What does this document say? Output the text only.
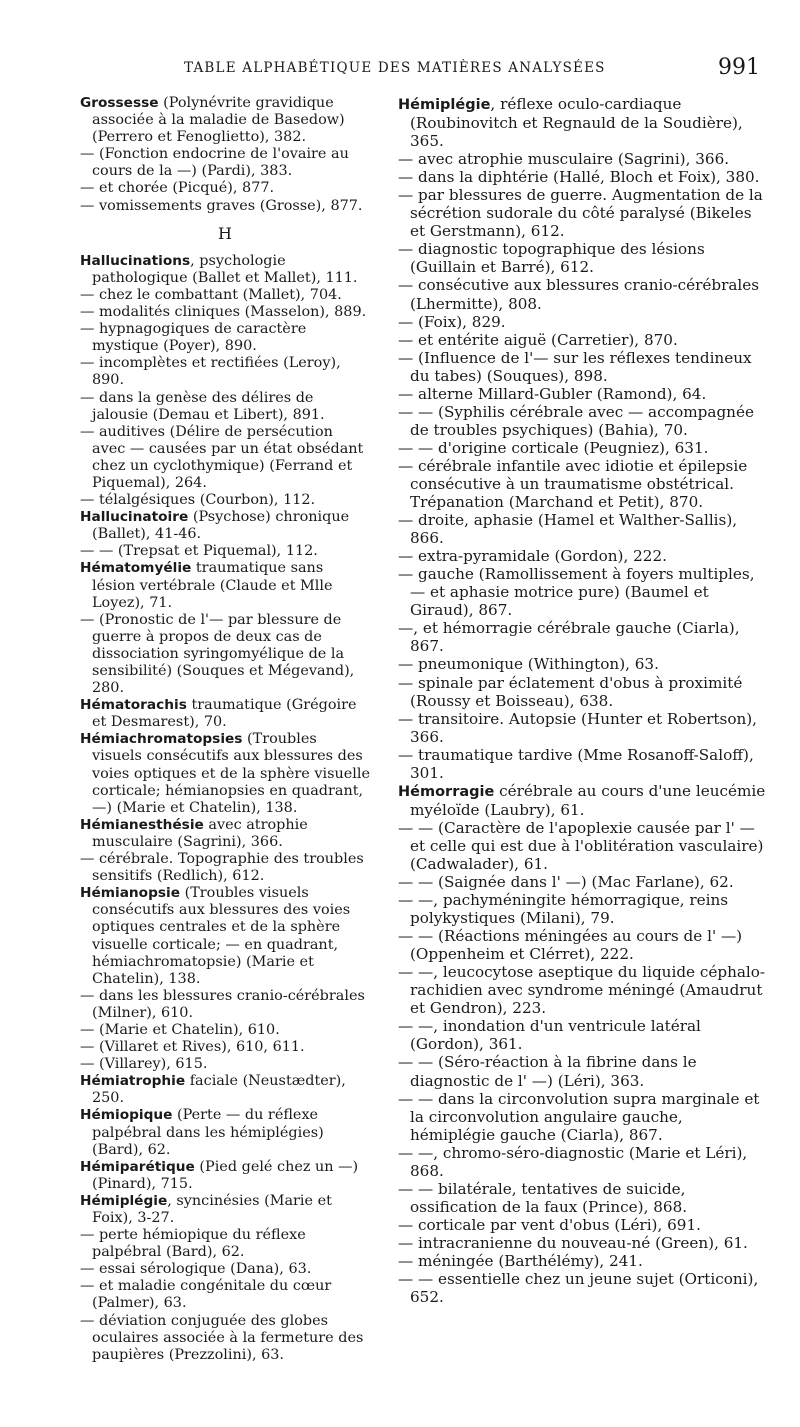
TABLE ALPHABÉTIQUE DES MATIÈRES ANALYSÉES	991

Grossesse (Polynévrite gravidique associée à la maladie de Basedow) (Perrero et Fenoglietto), 382.

— (Fonction endocrine de l'ovaire au cours de la —) (Pardi), 383.

— et chorée (Picqué), 877.

— vomissements graves (Grosse), 877.

H

Hallucinations, psychologie pathologique (Ballet et Mallet), 111.

— chez le combattant (Mallet), 704.

— modalités cliniques (Masselon), 889.

— hypnagogiques de caractère mystique (Poyer), 890.

— incomplètes et rectifiées (Leroy), 890.

— dans la genèse des délires de jalousie (Demau et Libert), 891.

— auditives (Délire de persécution avec — causées par un état obsédant chez un cyclothymique) (Ferrand et Piquemal), 264.

— télalgésiques (Courbon), 112.

Hallucinatoire (Psychose) chronique (Ballet), 41-46.

— — (Trepsat et Piquemal), 112.

Hématomyélie traumatique sans lésion vertébrale (Claude et Mlle Loyez), 71.

— (Pronostic de l'— par blessure de guerre à propos de deux cas de dissociation syringomyélique de la sensibilité) (Souques et Mégevand), 280.

Hématorachis traumatique (Grégoire et Desmarest), 70.

Hémiachromatopsies (Troubles visuels consécutifs aux blessures des voies optiques et de la sphère visuelle corticale; hémianopsies en quadrant, —) (Marie et Chatelin), 138.

Hémianesthésie avec atrophie musculaire (Sagrini), 366.

— cérébrale. Topographie des troubles sensitifs (Redlich), 612.

Hémianopsie (Troubles visuels consécutifs aux blessures des voies optiques centrales et de la sphère visuelle corticale; — en quadrant, hémiachromatopsie) (Marie et Chatelin), 138.

— dans les blessures cranio-cérébrales (Milner), 610.

— (Marie et Chatelin), 610.

— (Villaret et Rives), 610, 611.

— (Villarey), 615.

Hémiatrophie faciale (Neustædter), 250.

Hémiopique (Perte — du réflexe palpébral dans les hémiplégies) (Bard), 62.

Hémiparétique (Pied gelé chez un —) (Pinard), 715.

Hémiplégie, syncinésies (Marie et Foix), 3-27.

— perte hémiopique du réflexe palpébral (Bard), 62.

— essai sérologique (Dana), 63.

— et maladie congénitale du cœur (Palmer), 63.

— déviation conjuguée des globes oculaires associée à la fermeture des paupières (Prezzolini), 63.

Hémiplégie, réflexe oculo-cardiaque (Roubinovitch et Regnauld de la Soudière), 365.

— avec atrophie musculaire (Sagrini), 366.

— dans la diphtérie (Hallé, Bloch et Foix), 380.

— par blessures de guerre. Augmentation de la sécrétion sudorale du côté paralysé (Bikeles et Gerstmann), 612.

— diagnostic topographique des lésions (Guillain et Barré), 612.

— consécutive aux blessures cranio-cérébrales (Lhermitte), 808.

— (Foix), 829.

— et entérite aiguë (Carretier), 870.

— (Influence de l'— sur les réflexes tendineux du tabes) (Souques), 898.

— alterne Millard-Gubler (Ramond), 64.

— — (Syphilis cérébrale avec — accompagnée de troubles psychiques) (Bahia), 70.

— — d'origine corticale (Peugniez), 631.

— cérébrale infantile avec idiotie et épilepsie consécutive à un traumatisme obstétrical. Trépanation (Marchand et Petit), 870.

— droite, aphasie (Hamel et Walther-Sallis), 866.

— extra-pyramidale (Gordon), 222.

— gauche (Ramollissement à foyers multiples, — et aphasie motrice pure) (Baumel et Giraud), 867.

—, et hémorragie cérébrale gauche (Ciarla), 867.

— pneumonique (Withington), 63.

— spinale par éclatement d'obus à proximité (Roussy et Boisseau), 638.

— transitoire. Autopsie (Hunter et Robertson), 366.

— traumatique tardive (Mme Rosanoff-Saloff), 301.

Hémorragie cérébrale au cours d'une leucémie myéloïde (Laubry), 61.

— — (Caractère de l'apoplexie causée par l' — et celle qui est due à l'oblitération vasculaire) (Cadwalader), 61.

— — (Saignée dans l' —) (Mac Farlane), 62.

— —, pachyméningite hémorragique, reins polykystiques (Milani), 79.

— — (Réactions méningées au cours de l' —) (Oppenheim et Clérret), 222.

— —, leucocytose aseptique du liquide céphalo-rachidien avec syndrome méningé (Amaudrut et Gendron), 223.

— —, inondation d'un ventricule latéral (Gordon), 361.

— — (Séro-réaction à la fibrine dans le diagnostic de l' —) (Léri), 363.

— — dans la circonvolution supra marginale et la circonvolution angulaire gauche, hémiplégie gauche (Ciarla), 867.

— —, chromo-séro-diagnostic (Marie et Léri), 868.

— — bilatérale, tentatives de suicide, ossification de la faux (Prince), 868.

— corticale par vent d'obus (Léri), 691.

— intracranienne du nouveau-né (Green), 61.

— méningée (Barthélémy), 241.

— — essentielle chez un jeune sujet (Orticoni), 652.
